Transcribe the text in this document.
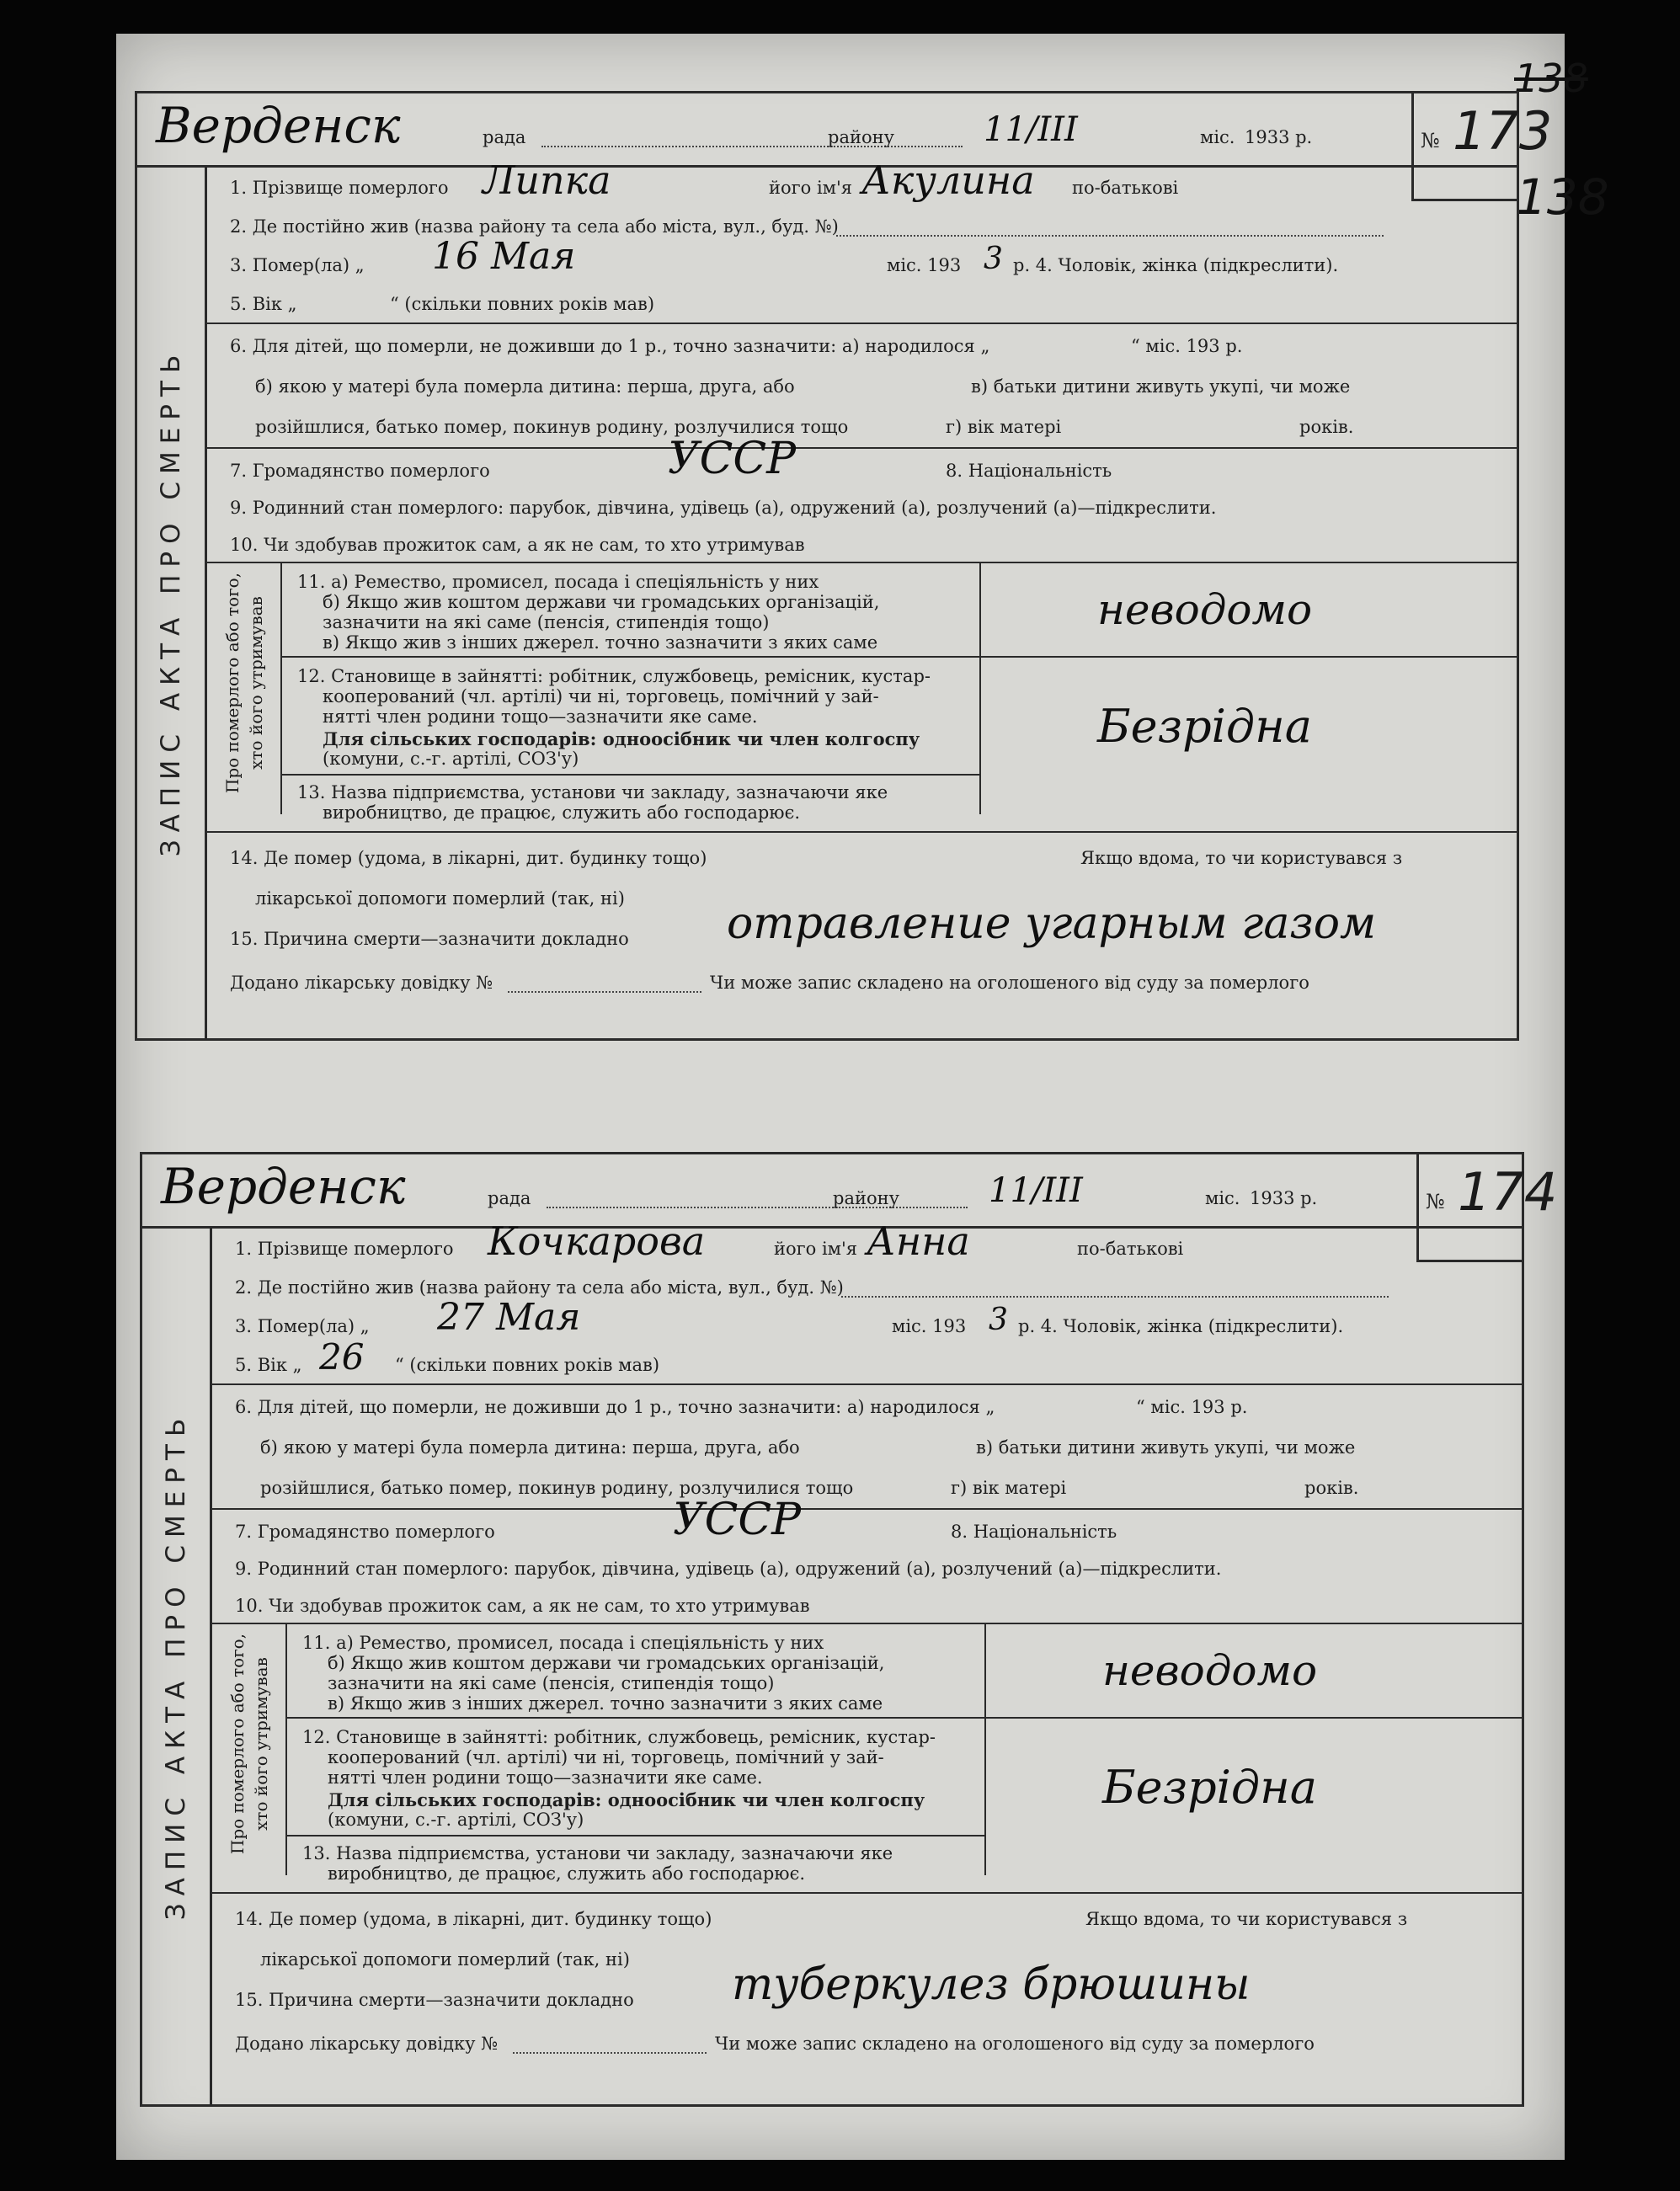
138
138
Верденск	рада	району	11/III	міс. 1933 р.	№ 173
ЗАПИС АКТА ПРО СМЕРТЬ
1. Прізвище померлого Липка	його ім'я Акулина по-батькові
2. Де постійно жив (назва району та села або міста, вул., буд. №)
3. Помер(ла) „ 16 Мая	міс. 193 3 р. 4. Чоловік, жінка (підкреслити).
5. Вік „	“ (скільки повних років мав)
6. Для дітей, що померли, не доживши до 1 р., точно зазначити: а) народилося „	“ міс. 193 р.
б) якою у матері була померла дитина: перша, друга, або	в) батьки дитини живуть укупі, чи може
розійшлися, батько помер, покинув родину, розлучилися тощо	г) вік матері	років.
7. Громадянство померлого	УССР	8. Національність
9. Родинний стан померлого: парубок, дівчина, удівець (а), одружений (а), розлучений (а)—підкреслити.
10. Чи здобував прожиток сам, а як не сам, то хто утримував
Про померлого або того, хто його утримував
11. а) Ремество, промисел, посада і спеціяльність у них
б) Якщо жив коштом держави чи громадських організацій,
зазначити на які саме (пенсія, стипендія тощо)
в) Якщо жив з інших джерел. точно зазначити з яких саме
неводомо
12. Становище в зайнятті: робітник, службовець, ремісник, кустар-
кооперований (чл. артілі) чи ні, торговець, помічний у зай-
нятті член родини тощо—зазначити яке саме.
Для сільських господарів: одноосібник чи член колгоспу
(комуни, с.-г. артілі, СОЗ'у)
Безрідна
13. Назва підприємства, установи чи закладу, зазначаючи яке
виробництво, де працює, служить або господарює.
14. Де помер (удома, в лікарні, дит. будинку тощо)	Якщо вдома, то чи користувався з
лікарської допомоги померлий (так, ні)
15. Причина смерти—зазначити докладно отравление угарным газом
Додано лікарську довідку №	Чи може запис складено на оголошеного від суду за померлого
Верденск	рада	району	11/III	міс. 1933 р.	№ 174
ЗАПИС АКТА ПРО СМЕРТЬ
1. Прізвище померлого Кочкарова	його ім'я Анна	по-батькові
2. Де постійно жив (назва району та села або міста, вул., буд. №)
3. Помер(ла) „ 27 Мая	міс. 193 3 р. 4. Чоловік, жінка (підкреслити).
5. Вік „ 26 “ (скільки повних років мав)
6. Для дітей, що померли, не доживши до 1 р., точно зазначити: а) народилося „	“ міс. 193 р.
б) якою у матері була померла дитина: перша, друга, або	в) батьки дитини живуть укупі, чи може
розійшлися, батько помер, покинув родину, розлучилися тощо	г) вік матері	років.
7. Громадянство померлого	УССР	8. Національність
9. Родинний стан померлого: парубок, дівчина, удівець (а), одружений (а), розлучений (а)—підкреслити.
10. Чи здобував прожиток сам, а як не сам, то хто утримував
Про померлого або того, хто його утримував
11. а) Ремество, промисел, посада і спеціяльність у них
б) Якщо жив коштом держави чи громадських організацій,
зазначити на які саме (пенсія, стипендія тощо)
в) Якщо жив з інших джерел. точно зазначити з яких саме
неводомо
12. Становище в зайнятті: робітник, службовець, ремісник, кустар-
кооперований (чл. артілі) чи ні, торговець, помічний у зай-
нятті член родини тощо—зазначити яке саме.
Для сільських господарів: одноосібник чи член колгоспу
(комуни, с.-г. артілі, СОЗ'у)
Безрідна
13. Назва підприємства, установи чи закладу, зазначаючи яке
виробництво, де працює, служить або господарює.
14. Де помер (удома, в лікарні, дит. будинку тощо)	Якщо вдома, то чи користувався з
лікарської допомоги померлий (так, ні)
15. Причина смерти—зазначити докладно туберкулез брюшины
Додано лікарську довідку №	Чи може запис складено на оголошеного від суду за померлого
